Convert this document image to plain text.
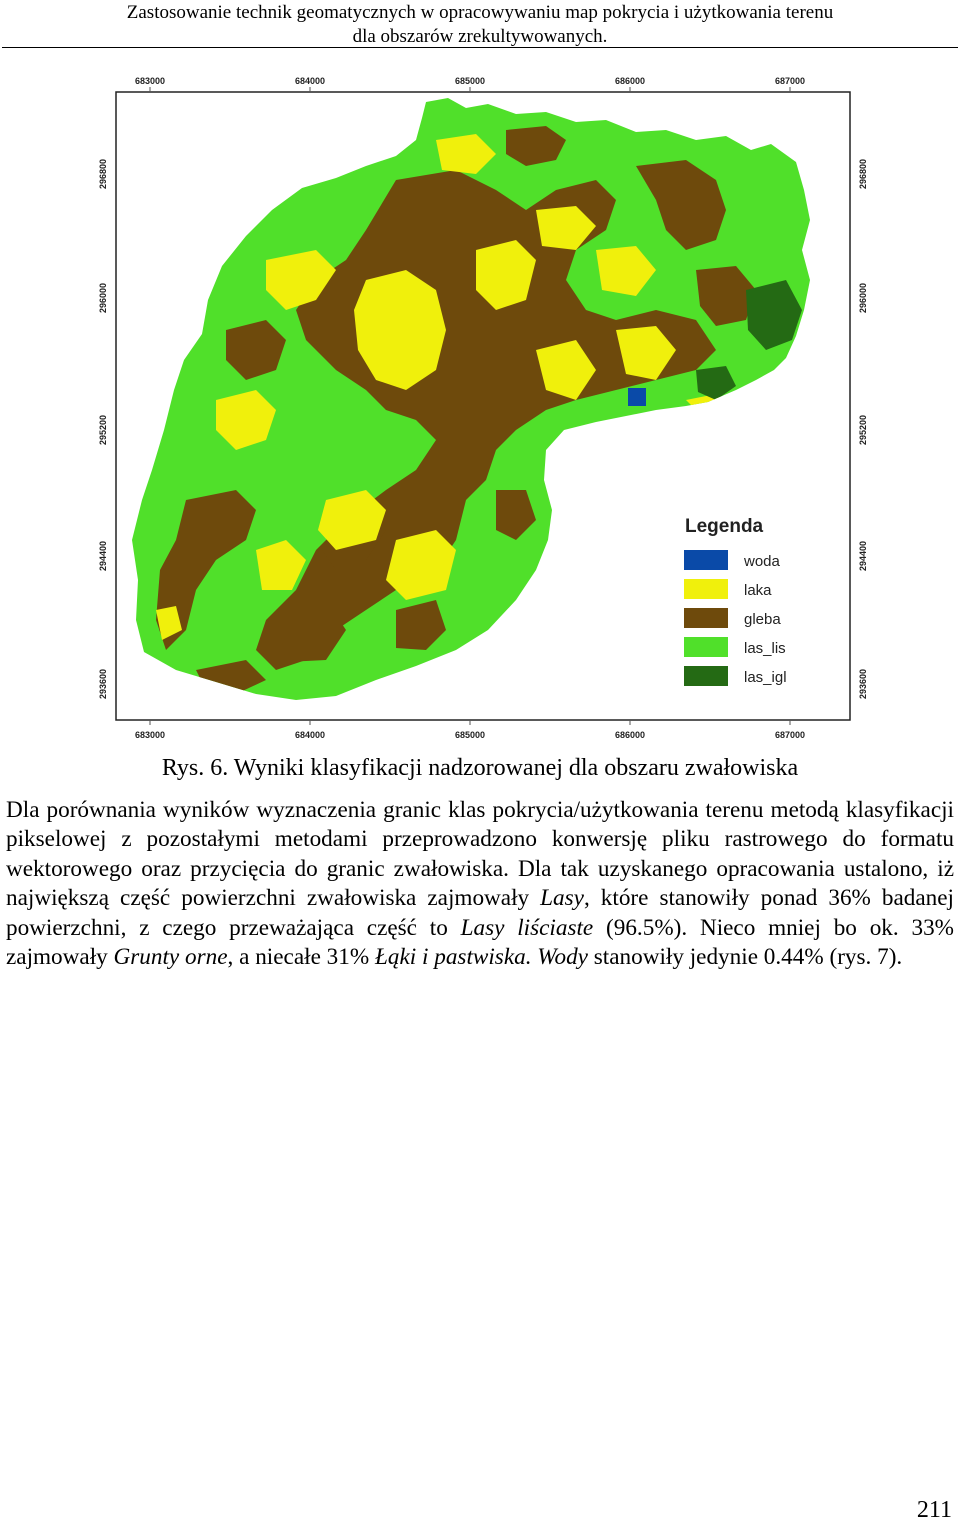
Zastosowanie technik geomatycznych w opracowywaniu map pokrycia i użytkowania terenu
dla obszarów zrekultywowanych.
Legenda
woda
laka
gleba
las_lis
las_igl
683000	684000	685000	686000	687000
683000	684000	685000	686000	687000
296800
296000
295200
294400
293600
296800
296000
295200
294400
293600
Rys. 6. Wyniki klasyfikacji nadzorowanej dla obszaru zwałowiska

Dla porównania wyników wyznaczenia granic klas pokrycia/użytkowania terenu metodą klasyfikacji pikselowej z pozostałymi metodami przeprowadzono konwersję pliku rastrowego do formatu wektorowego oraz przycięcia do granic zwałowiska. Dla tak uzyskanego opracowania ustalono, iż największą część powierzchni zwałowiska zajmowały Lasy, które stanowiły ponad 36% badanej powierzchni, z czego przeważająca część to Lasy liściaste (96.5%). Nieco mniej bo ok. 33% zajmowały Grunty orne, a niecałe 31% Łąki i pastwiska. Wody stanowiły jedynie 0.44% (rys. 7).

211
